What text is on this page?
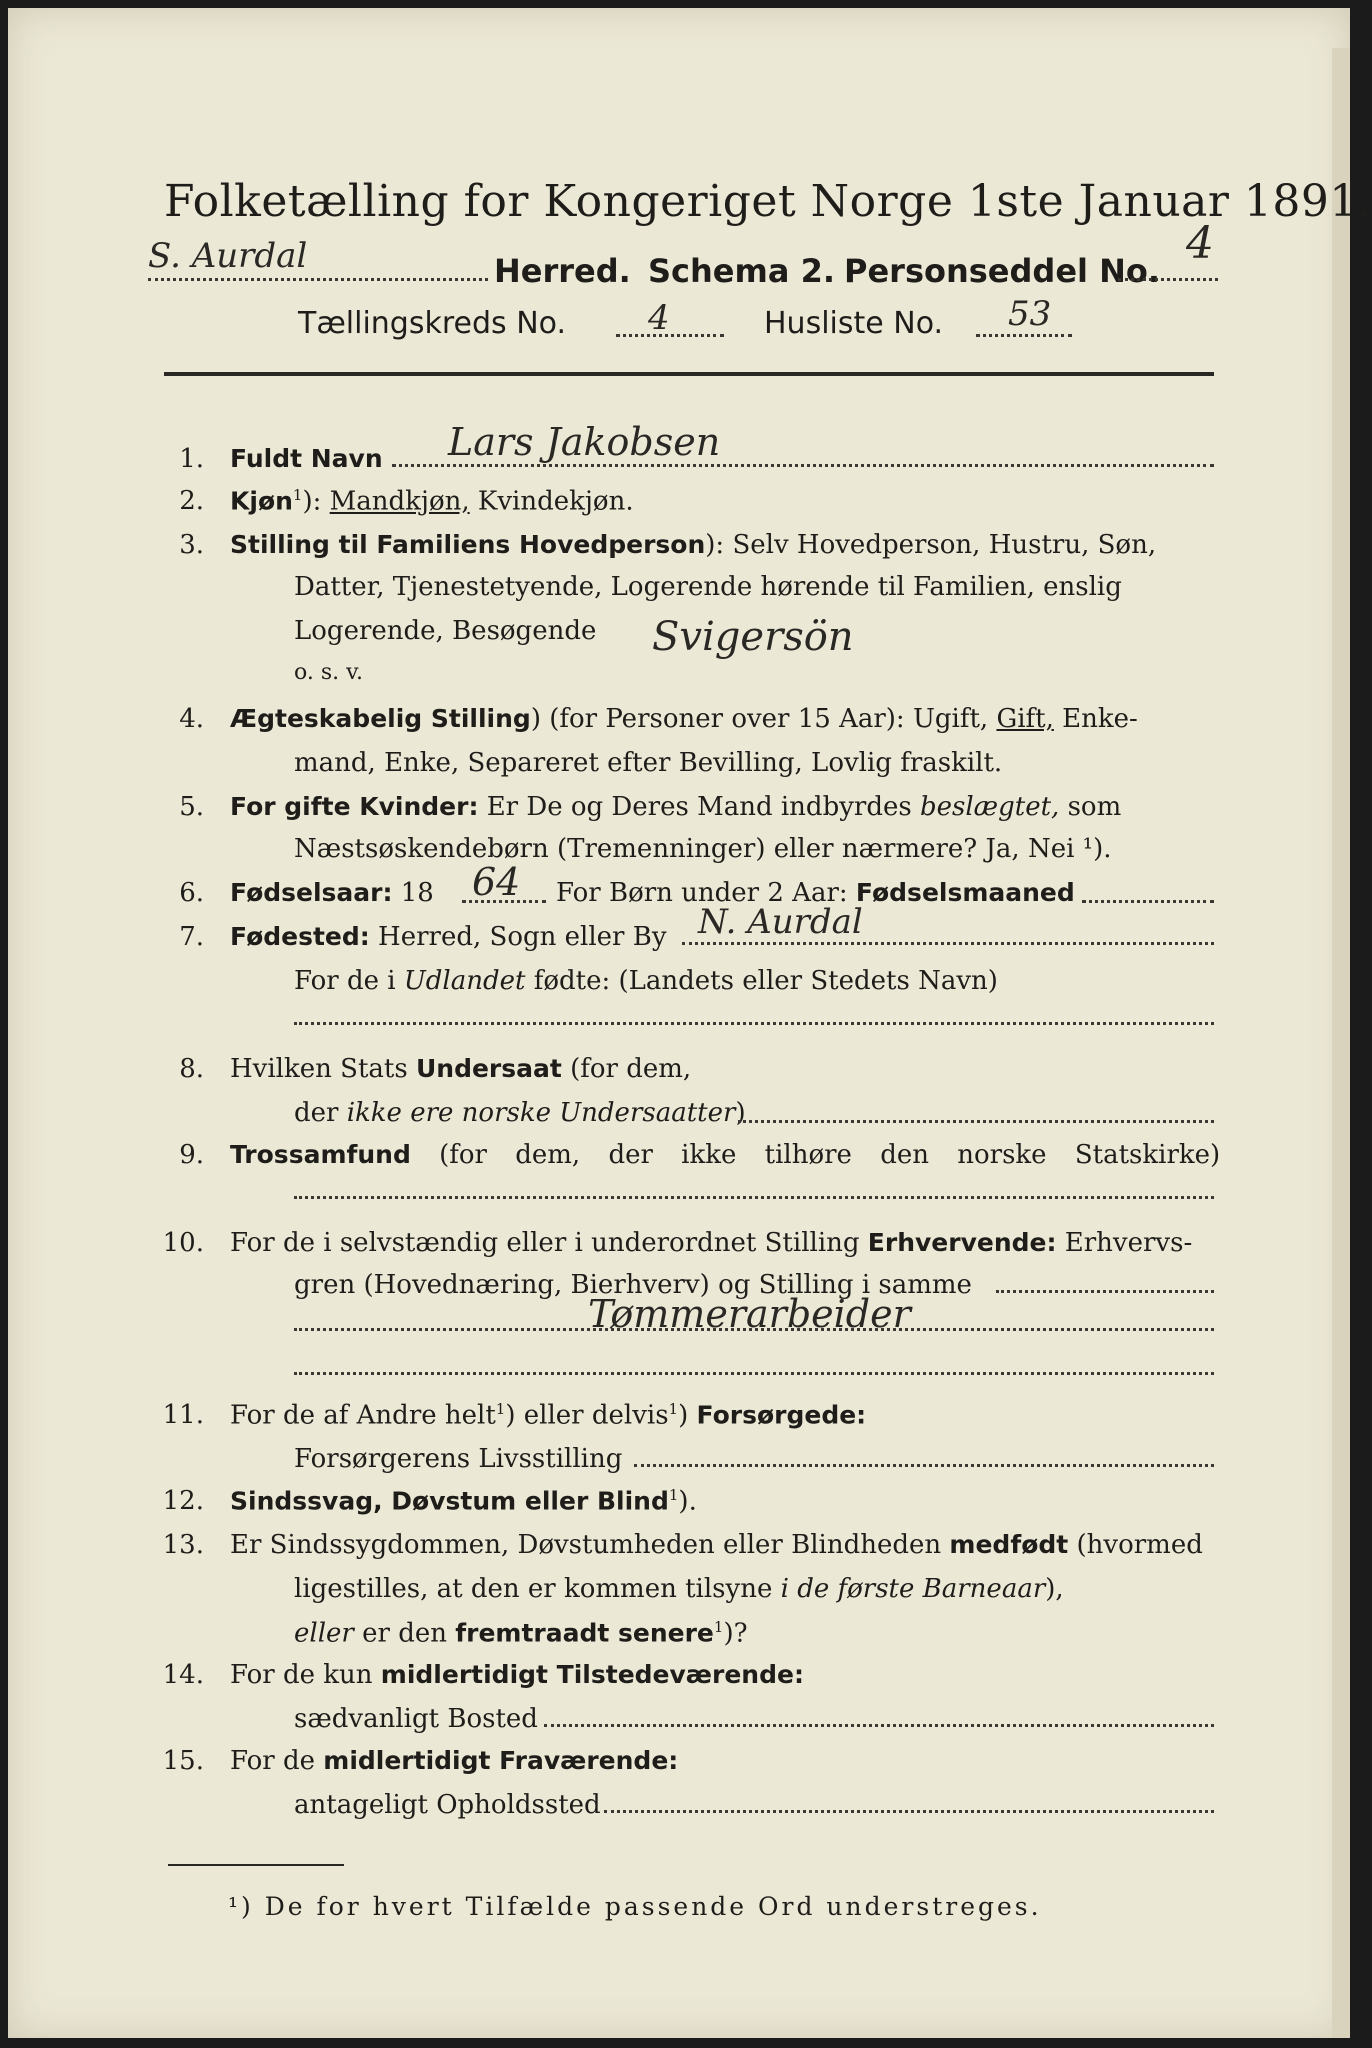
Folketælling for Kongeriget Norge 1ste Januar 1891.
S. Aurdal	Herred. Schema 2. Personseddel No.
4
Tællingskreds No. 4	Husliste No. 53
1. Fuldt Navn Lars Jakobsen
2. Kjøn$^1$): Mandkjøn, Kvindekjøn.
3. Stilling til Familiens Hovedperson): Selv Hovedperson, Hustru, Søn,
Datter, Tjenestetyende, Logerende hørende til Familien, enslig
Logerende, Besøgende
o. s. v.
Svigersön
4. Ægteskabelig Stilling) (for Personer over 15 Aar): Ugift, Gift, Enke-
mand, Enke, Separeret efter Bevilling, Lovlig fraskilt.
5. For gifte Kvinder: Er De og Deres Mand indbyrdes beslægtet, som
Næstsøskendebørn (Tremenninger) eller nærmere? Ja, Nei ¹).
6. Fødselsaar: 18 64 For Børn under 2 Aar: Fødselsmaaned
7. Fødested: Herred, Sogn eller By N. Aurdal
For de i Udlandet fødte: (Landets eller Stedets Navn)
8. Hvilken Stats Undersaat (for dem,
der ikke ere norske Undersaatter)
9. Trossamfund (for dem, der ikke tilhøre den norske Statskirke)
10. For de i selvstændig eller i underordnet Stilling Erhvervende: Erhvervs-
gren (Hovednæring, Bierhverv) og Stilling i samme
Tømmerarbeider
11. For de af Andre helt$^1$) eller delvis$^1$) Forsørgede:
Forsørgerens Livsstilling
12. Sindssvag, Døvstum eller Blind$^1$).
13. Er Sindssygdommen, Døvstumheden eller Blindheden medfødt (hvormed
ligestilles, at den er kommen tilsyne i de første Barneaar),
eller er den fremtraadt senere$^1$)?
14. For de kun midlertidigt Tilstedeværende:
sædvanligt Bosted
15. For de midlertidigt Fraværende:
antageligt Opholdssted
¹) De for hvert Tilfælde passende Ord understreges.
